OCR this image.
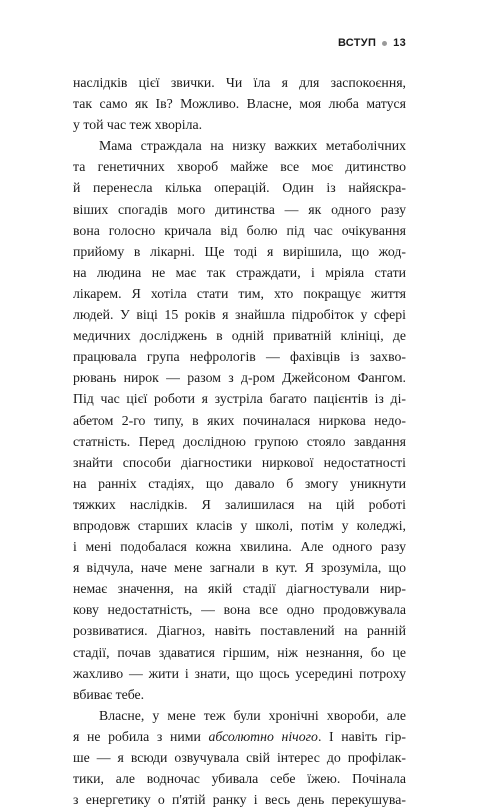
ВСТУП 13
наслідків цієї звички. Чи їла я для заспокоєння,
так само як Ів? Можливо. Власне, моя люба матуся
у той час теж хворіла.
Мама страждала на низку важких метаболічних
та генетичних хвороб майже все моє дитинство
й перенесла кілька операцій. Один із найяскра-
віших спогадів мого дитинства — як одного разу
вона голосно кричала від болю під час очікування
прийому в лікарні. Ще тоді я вирішила, що жод-
на людина не має так страждати, і мріяла стати
лікарем. Я хотіла стати тим, хто покращує життя
людей. У віці 15 років я знайшла підробіток у сфері
медичних досліджень в одній приватній клініці, де
працювала група нефрологів — фахівців із захво-
рювань нирок — разом з д-ром Джейсоном Фангом.
Під час цієї роботи я зустріла багато пацієнтів із ді-
абетом 2-го типу, в яких починалася ниркова недо-
статність. Перед дослідною групою стояло завдання
знайти способи діагностики ниркової недостатності
на ранніх стадіях, що давало б змогу уникнути
тяжких наслідків. Я залишилася на цій роботі
впродовж старших класів у школі, потім у коледжі,
і мені подобалася кожна хвилина. Але одного разу
я відчула, наче мене загнали в кут. Я зрозуміла, що
немає значення, на якій стадії діагностували нир-
кову недостатність, — вона все одно продовжувала
розвиватися. Діагноз, навіть поставлений на ранній
стадії, почав здаватися гіршим, ніж незнання, бо це
жахливо — жити і знати, що щось усередині потроху
вбиває тебе.
Власне, у мене теж були хронічні хвороби, але
я не робила з ними абсолютно нічого. І навіть гір-
ше — я всюди озвучувала свій інтерес до профілак-
тики, але водночас убивала себе їжею. Почінала
з енергетику о п'ятій ранку і весь день перекушува-
